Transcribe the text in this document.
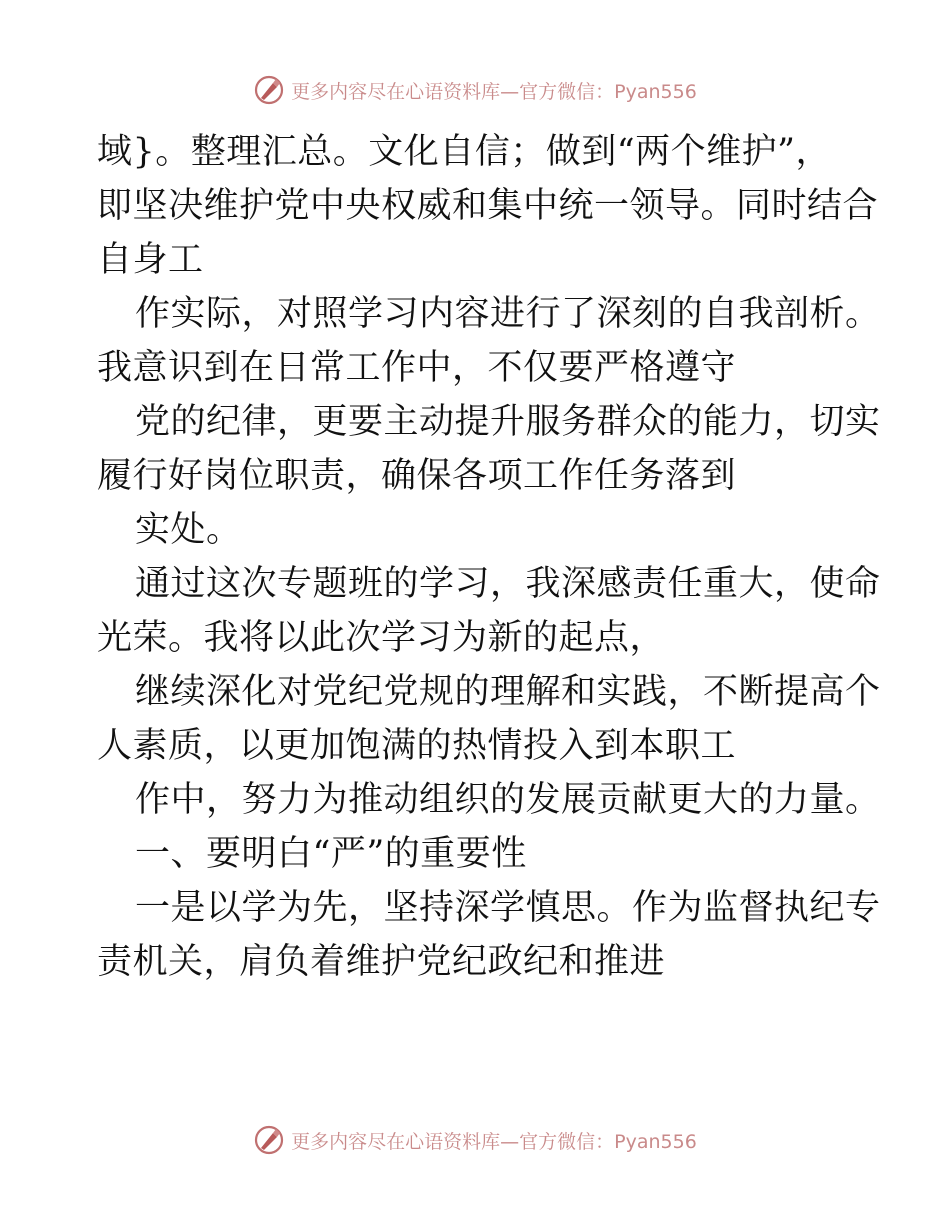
更多内容尽在心语资料库—官方微信：Pyan556
域}。整理汇总。文化自信；做到“两个维护”，
即坚决维护党中央权威和集中统一领导。同时结合
自身工
作实际，对照学习内容进行了深刻的自我剖析。
我意识到在日常工作中，不仅要严格遵守
党的纪律，更要主动提升服务群众的能力，切实
履行好岗位职责，确保各项工作任务落到
实处。
通过这次专题班的学习，我深感责任重大，使命
光荣。我将以此次学习为新的起点，
继续深化对党纪党规的理解和实践，不断提高个
人素质，以更加饱满的热情投入到本职工
作中，努力为推动组织的发展贡献更大的力量。
一、要明白“严”的重要性
一是以学为先，坚持深学慎思。作为监督执纪专
责机关，肩负着维护党纪政纪和推进
更多内容尽在心语资料库—官方微信：Pyan556
